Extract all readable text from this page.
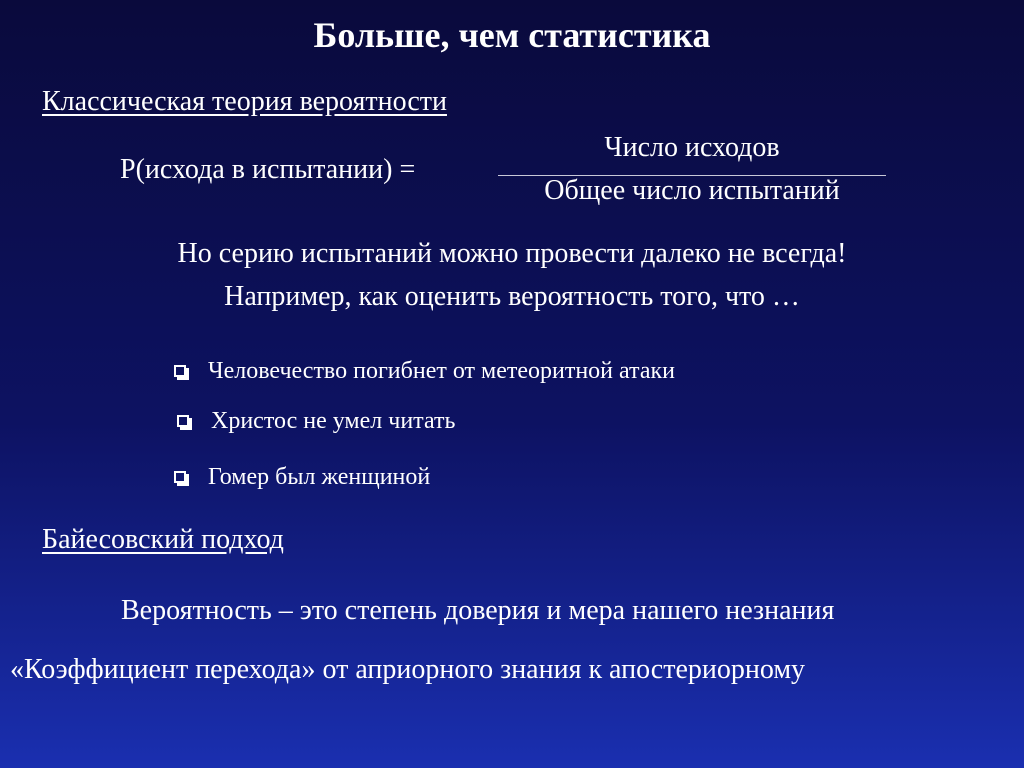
Больше, чем статистика
Классическая теория вероятности
P(исхода в испытании) =
Число исходов
Общее число испытаний
Но серию испытаний можно провести далеко не всегда!
Например, как оценить вероятность того, что …
Человечество погибнет от метеоритной атаки
Христос не умел читать
Гомер был женщиной
Байесовский подход
Вероятность – это степень доверия и мера нашего незнания
«Коэффициент перехода» от априорного знания к апостериорному
